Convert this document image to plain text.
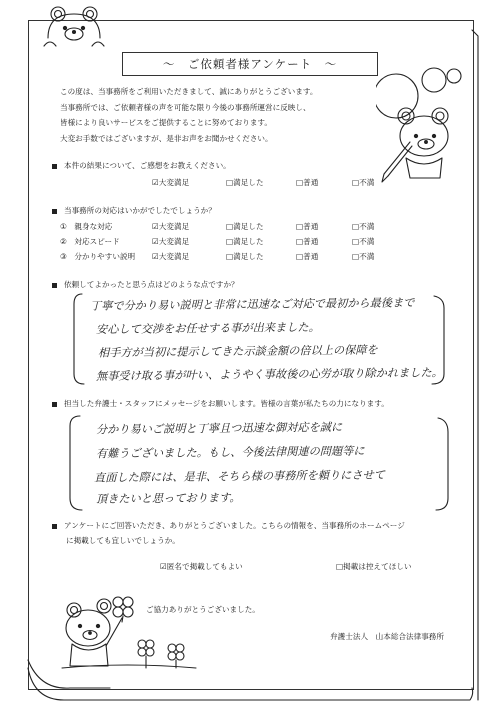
～　ご依頼者様アンケート　～
この度は、当事務所をご利用いただきまして、誠にありがとうございます。
当事務所では、ご依頼者様の声を可能な限り今後の事務所運営に反映し、
皆様により良いサービスをご提供することに努めております。
大変お手数ではございますが、是非お声をお聞かせください。
本件の結果について、ご感想をお教えください。
☑大変満足	□満足した	□普通	□不満
当事務所の対応はいかがでしたでしょうか？
①　親身な対応	☑大変満足	□満足した	□普通	□不満
②　対応スピード	☑大変満足	□満足した	□普通	□不満
③　分かりやすい説明 ☑大変満足	□満足した	□普通	□不満
依頼してよかったと思う点はどのような点ですか？
丁寧で分かり易い説明と非常に迅速なご対応で最初から最後まで
安心して交渉をお任せする事が出来ました。
相手方が当初に提示してきた示談金額の倍以上の保障を
無事受け取る事が叶い、ようやく事故後の心労が取り除かれました。
担当した弁護士・スタッフにメッセージをお願いします。皆様の言葉が私たちの力になります。
分かり易いご説明と丁寧且つ迅速な御対応を誠に
有難うございました。もし、今後法律関連の問題等に
直面した際には、是非、そちら様の事務所を頼りにさせて
頂きたいと思っております。
アンケートにご回答いただき、ありがとうございました。こちらの情報を、当事務所のホームページ
に掲載しても宜しいでしょうか。
☑匿名で掲載してもよい	□掲載は控えてほしい
ご協力ありがとうございました。
弁護士法人　山本総合法律事務所
